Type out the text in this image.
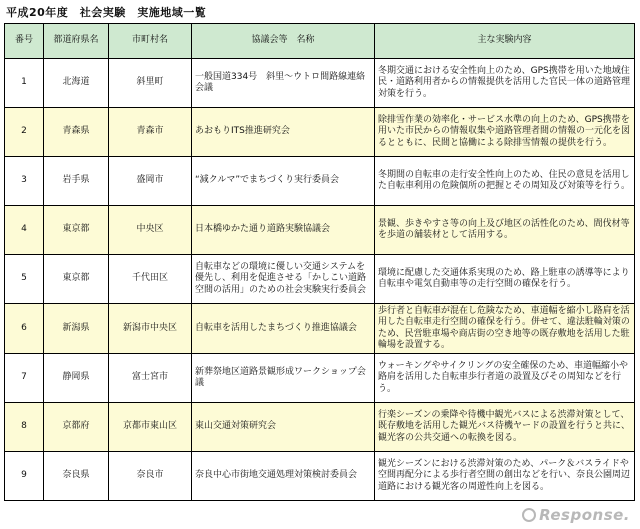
平成20年度　社会実験　実施地域一覧
番号	都道府県名	市町村名	協議会等　名称	主な実験内容
1	北海道	斜里町	一般国道334号　斜里～ウトロ間路線連絡会議	冬期交通における安全性向上のため、GPS携帯を用いた地域住民・道路利用者からの情報提供を活用した官民一体の道路管理対策を行う。
2	青森県	青森市	あおもりITS推進研究会	除排雪作業の効率化・サービス水準の向上のため、GPS携帯を用いた市民からの情報収集や道路管理者間の情報の一元化を図るとともに、民間と協働による除排雪情報の提供を行う。
3	岩手県	盛岡市	“減クルマ”でまちづくり実行委員会	冬期間の自転車の走行安全性向上のため、住民の意見を活用した自転車利用の危険個所の把握とその周知及び対策等を行う。
4	東京都	中央区	日本橋ゆかた通り道路実験協議会	景観、歩きやすさ等の向上及び地区の活性化のため、間伐材等を歩道の舗装材として活用する。
5	東京都	千代田区	自転車などの環境に優しい交通システムを優先し、利用を促進させる「かしこい道路空間の活用」のための社会実験実行委員会	環境に配慮した交通体系実現のため、路上駐車の誘導等により自転車や電気自動車等の走行空間の確保を行う。
6	新潟県	新潟市中央区	自転車を活用したまちづくり推進協議会	歩行者と自転車が混在し危険なため、車道幅を縮小し路肩を活用した自転車走行空間の確保を行う。併せて、違法駐輪対策のため、民営駐車場や商店街の空き地等の既存敷地を活用した駐輪場を設置する。
7	静岡県	富士宮市	新葬祭地区道路景観形成ワークショップ会議	ウォーキングやサイクリングの安全確保のため、車道幅縮小や路肩を活用した自転車歩行者道の設置及びその周知などを行う。
8	京都府	京都市東山区	東山交通対策研究会	行楽シーズンの乗降や待機中観光バスによる渋滞対策として、既存敷地を活用した観光バス待機ヤードの設置を行うと共に、観光客の公共交通への転換を図る。
9	奈良県	奈良市	奈良中心市街地交通処理対策検討委員会	観光シーズンにおける渋滞対策のため、パーク＆バスライドや空間再配分による歩行者空間の創出などを行い、奈良公園周辺道路における観光客の周遊性向上を図る。
Response.
